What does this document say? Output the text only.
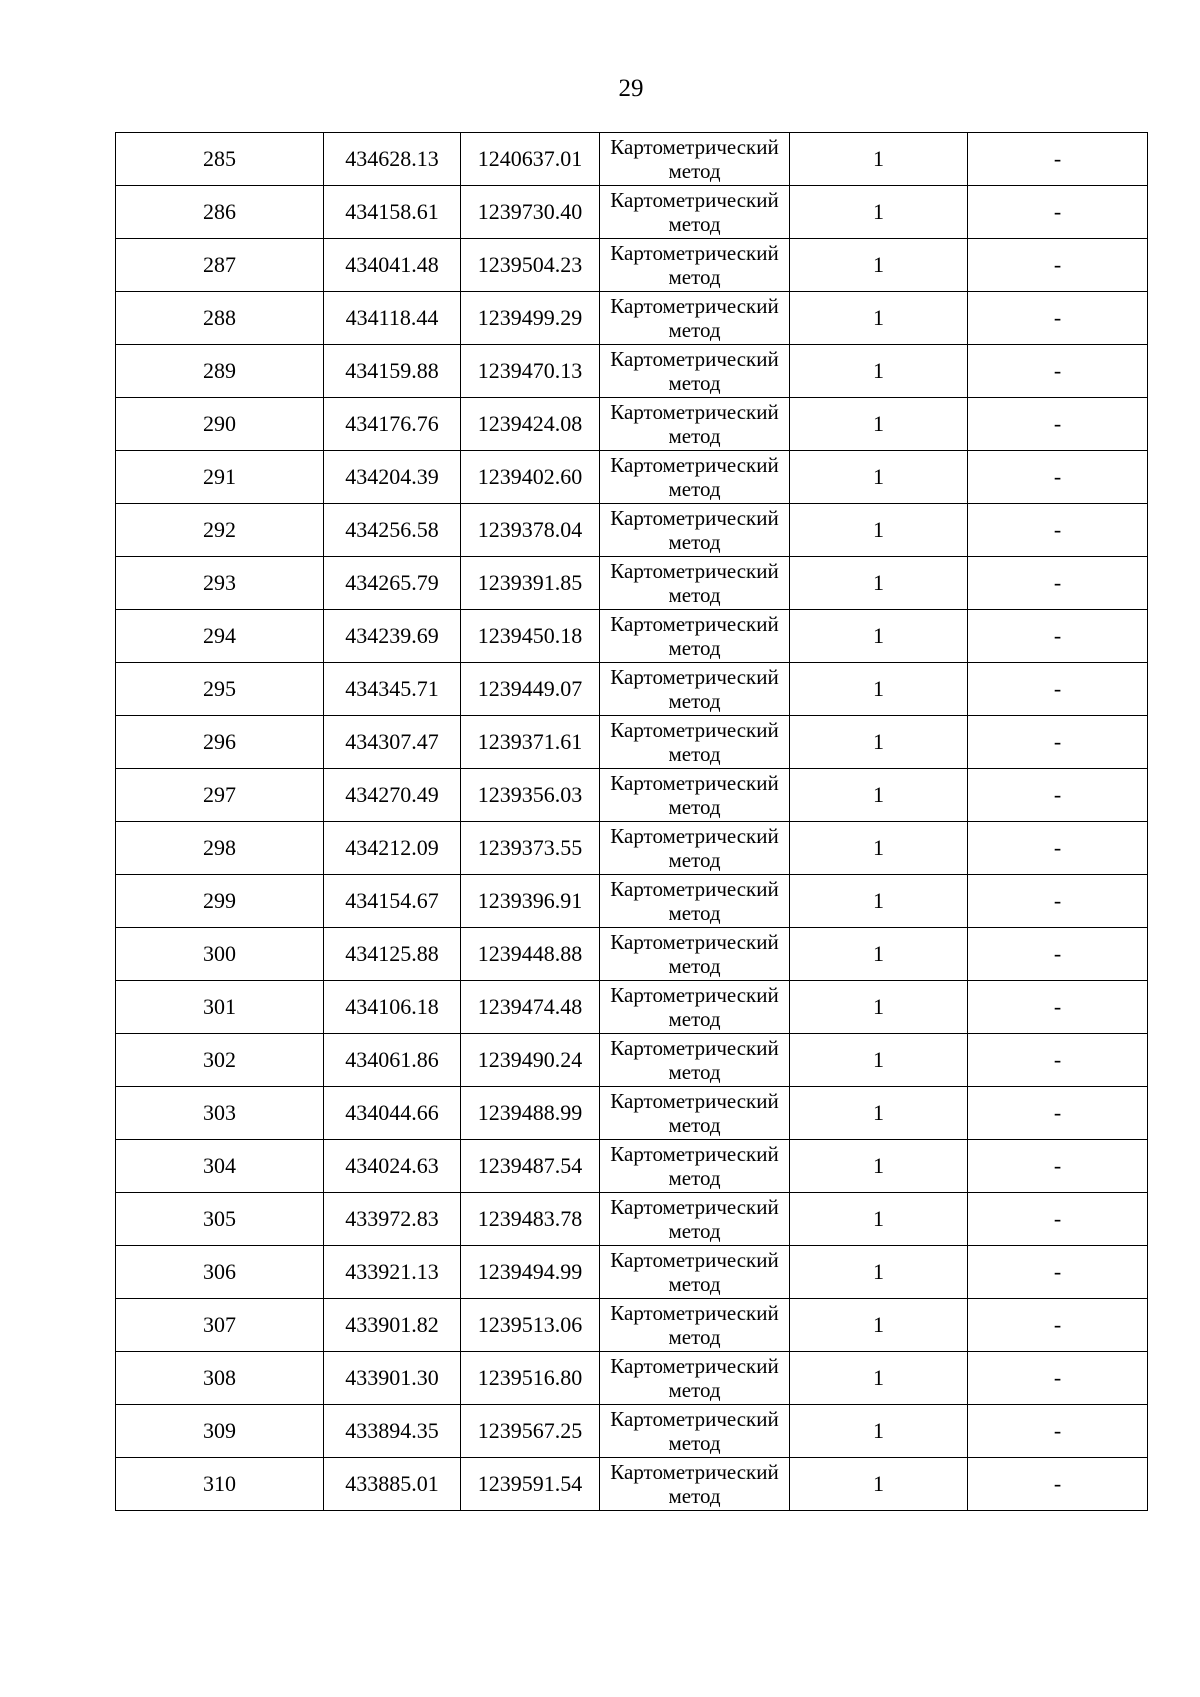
29
285	434628.13	1240637.01	Картометрический метод	1	-
286	434158.61	1239730.40	Картометрический метод	1	-
287	434041.48	1239504.23	Картометрический метод	1	-
288	434118.44	1239499.29	Картометрический метод	1	-
289	434159.88	1239470.13	Картометрический метод	1	-
290	434176.76	1239424.08	Картометрический метод	1	-
291	434204.39	1239402.60	Картометрический метод	1	-
292	434256.58	1239378.04	Картометрический метод	1	-
293	434265.79	1239391.85	Картометрический метод	1	-
294	434239.69	1239450.18	Картометрический метод	1	-
295	434345.71	1239449.07	Картометрический метод	1	-
296	434307.47	1239371.61	Картометрический метод	1	-
297	434270.49	1239356.03	Картометрический метод	1	-
298	434212.09	1239373.55	Картометрический метод	1	-
299	434154.67	1239396.91	Картометрический метод	1	-
300	434125.88	1239448.88	Картометрический метод	1	-
301	434106.18	1239474.48	Картометрический метод	1	-
302	434061.86	1239490.24	Картометрический метод	1	-
303	434044.66	1239488.99	Картометрический метод	1	-
304	434024.63	1239487.54	Картометрический метод	1	-
305	433972.83	1239483.78	Картометрический метод	1	-
306	433921.13	1239494.99	Картометрический метод	1	-
307	433901.82	1239513.06	Картометрический метод	1	-
308	433901.30	1239516.80	Картометрический метод	1	-
309	433894.35	1239567.25	Картометрический метод	1	-
310	433885.01	1239591.54	Картометрический метод	1	-
